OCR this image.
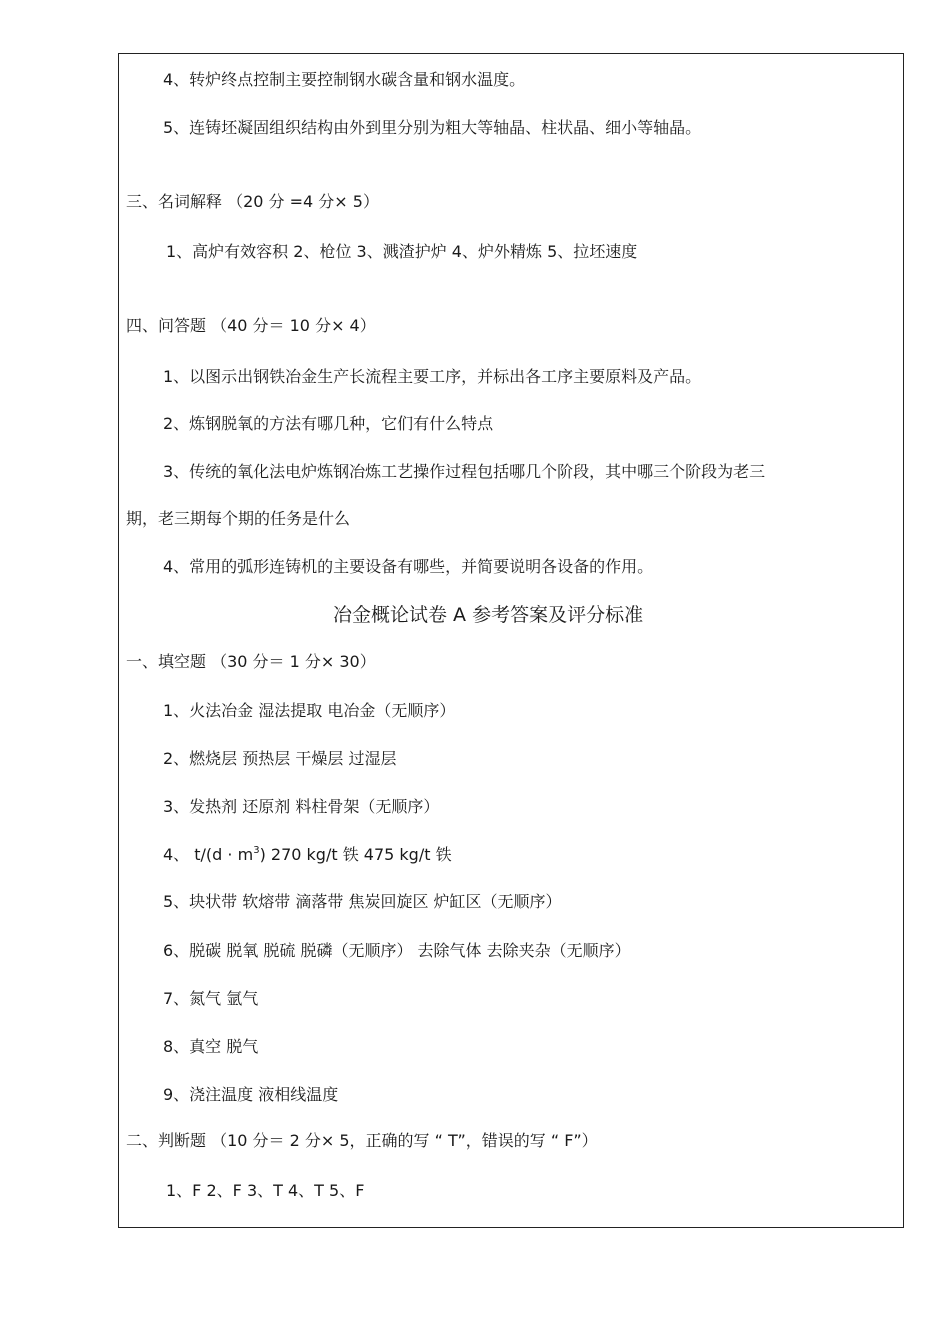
4、转炉终点控制主要控制钢水碳含量和钢水温度。
5、连铸坯凝固组织结构由外到里分别为粗大等轴晶、柱状晶、细小等轴晶。
三、名词解释 （20 分 =4 分× 5）
1、高炉有效容积 2、枪位 3、溅渣护炉 4、炉外精炼 5、拉坯速度
四、问答题 （40 分＝ 10 分× 4）
1、以图示出钢铁冶金生产长流程主要工序，并标出各工序主要原料及产品。
2、炼钢脱氧的方法有哪几种，它们有什么特点
3、传统的氧化法电炉炼钢冶炼工艺操作过程包括哪几个阶段，其中哪三个阶段为老三
期，老三期每个期的任务是什么
4、常用的弧形连铸机的主要设备有哪些，并简要说明各设备的作用。
冶金概论试卷 A 参考答案及评分标准
一、填空题 （30 分＝ 1 分× 30）
1、火法冶金 湿法提取 电冶金（无顺序）
2、燃烧层 预热层 干燥层 过湿层
3、发热剂 还原剂 料柱骨架（无顺序）
4、 $t/(d \cdot m^3)$ 270 kg/t 铁 475 kg/t 铁
5、块状带 软熔带 滴落带 焦炭回旋区 炉缸区（无顺序）
6、脱碳 脱氧 脱硫 脱磷（无顺序） 去除气体 去除夹杂（无顺序）
7、氮气 氩气
8、真空 脱气
9、浇注温度 液相线温度
二、判断题 （10 分＝ 2 分× 5，正确的写 “ T”，错误的写 “ F”）
1、F 2、F 3、T 4、T 5、F
